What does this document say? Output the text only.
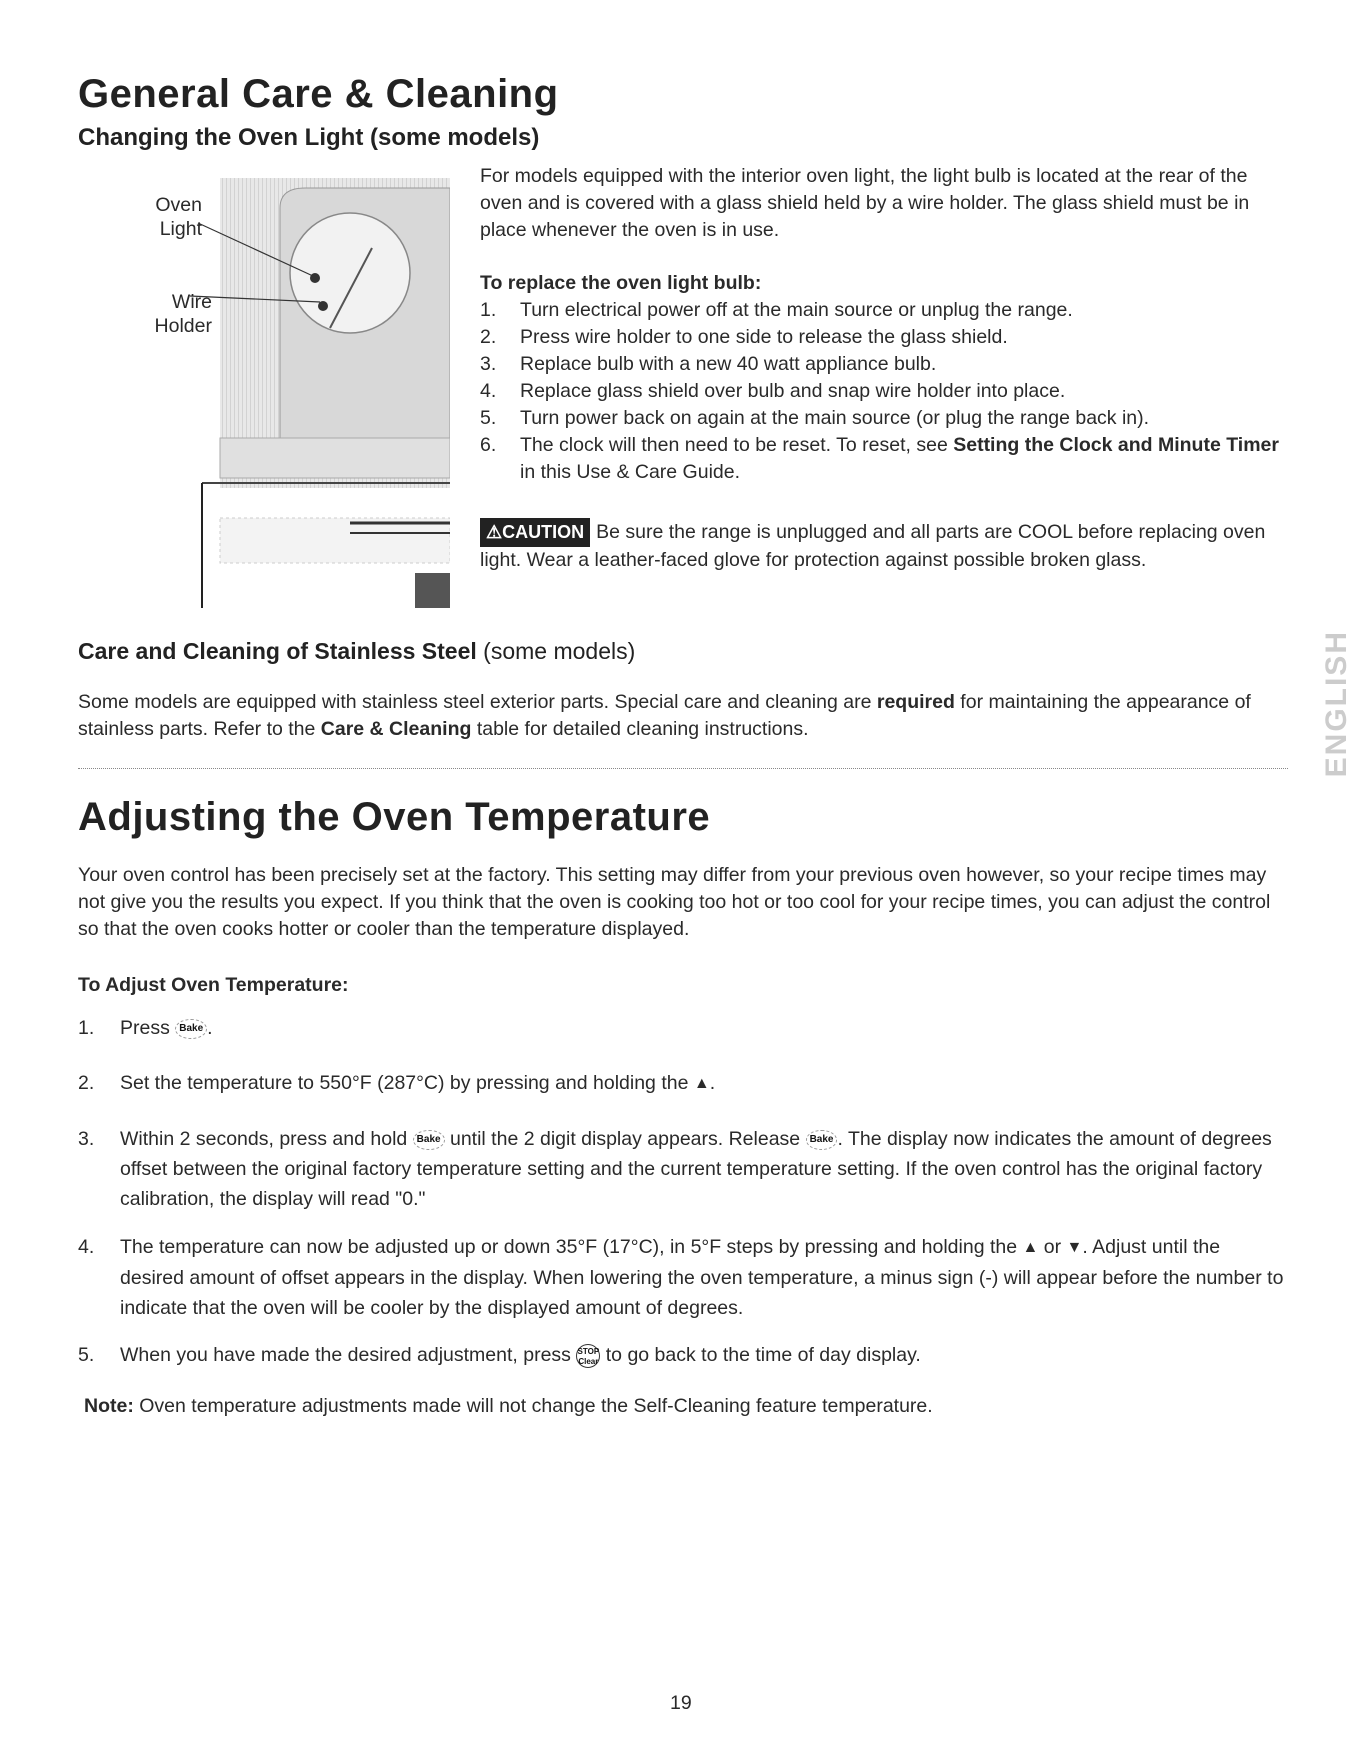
General Care & Cleaning
Changing the Oven Light (some models)
Oven
Light
Wire
Holder
For models equipped with the interior oven light, the light bulb is located at the rear of the oven and is covered with a glass shield held by a wire holder. The glass shield must be in place whenever the oven is in use.
To replace the oven light bulb:
1. Turn electrical power off at the main source or unplug the range.
2. Press wire holder to one side to release the glass shield.
3. Replace bulb with a new 40 watt appliance bulb.
4. Replace glass shield over bulb and snap wire holder into place.
5. Turn power back on again at the main source (or plug the range back in).
6. The clock will then need to be reset. To reset, see Setting the Clock and Minute Timer in this Use & Care Guide.
⚠CAUTION Be sure the range is unplugged and all parts are COOL before replacing oven light. Wear a leather-faced glove for protection against possible broken glass.
Care and Cleaning of Stainless Steel (some models)
Some models are equipped with stainless steel exterior parts. Special care and cleaning are required for maintaining the appearance of stainless parts. Refer to the Care & Cleaning table for detailed cleaning instructions.	ENGLISH
Adjusting the Oven Temperature
Your oven control has been precisely set at the factory. This setting may differ from your previous oven however, so your recipe times may not give you the results you expect. If you think that the oven is cooking too hot or too cool for your recipe times, you can adjust the control so that the oven cooks hotter or cooler than the temperature displayed.
To Adjust Oven Temperature:
1. Press Bake .
2. Set the temperature to 550°F (287°C) by pressing and holding the ▲.
3.	Within 2 seconds, press and hold Bake until the 2 digit display appears. Release Bake . The display now indicates the amount of degrees offset between the original factory temperature setting and the current temperature setting. If the oven control has the original factory calibration, the display will read "0."
4.	The temperature can now be adjusted up or down 35°F (17°C), in 5°F steps by pressing and holding the ▲ or ▼. Adjust until the desired amount of offset appears in the display. When lowering the oven temperature, a minus sign (-) will appear before the number to indicate that the oven will be cooler by the displayed amount of degrees.
5. When you have made the desired adjustment, press STOP Clear to go back to the time of day display.
Note: Oven temperature adjustments made will not change the Self-Cleaning feature temperature.
19
